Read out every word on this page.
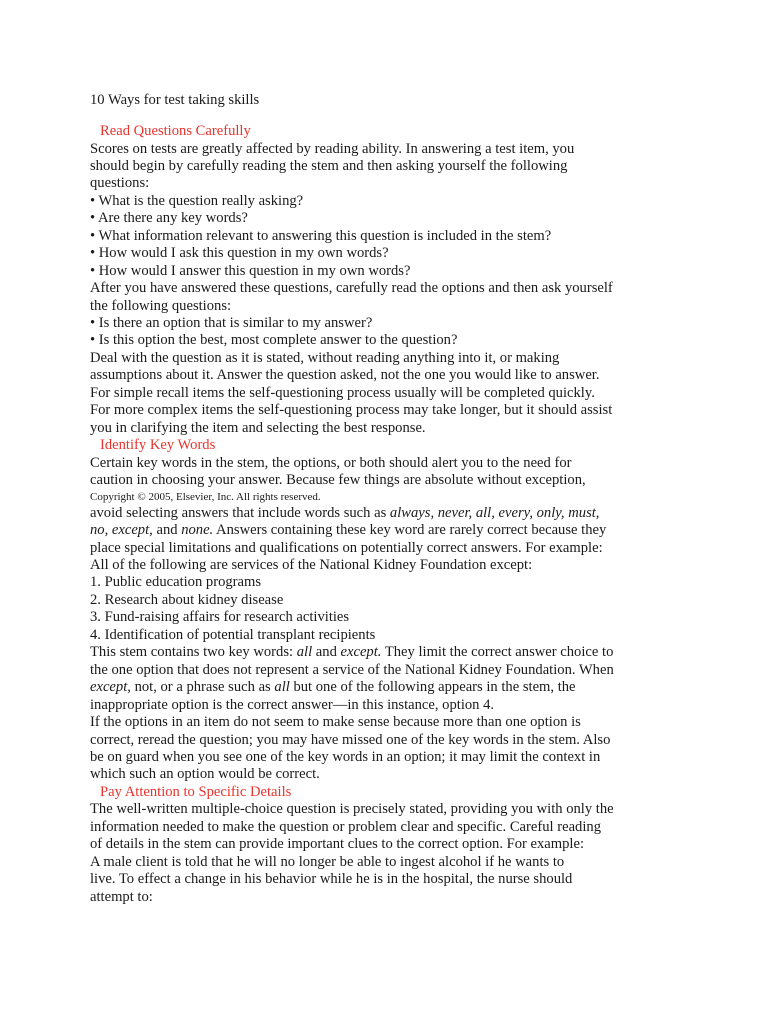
10 Ways for test taking skills
Read Questions Carefully

Scores on tests are greatly affected by reading ability. In answering a test item, you

should begin by carefully reading the stem and then asking yourself the following

questions:

• What is the question really asking?

• Are there any key words?

• What information relevant to answering this question is included in the stem?

• How would I ask this question in my own words?

• How would I answer this question in my own words?

After you have answered these questions, carefully read the options and then ask yourself

the following questions:

• Is there an option that is similar to my answer?

• Is this option the best, most complete answer to the question?

Deal with the question as it is stated, without reading anything into it, or making

assumptions about it. Answer the question asked, not the one you would like to answer.

For simple recall items the self-questioning process usually will be completed quickly.

For more complex items the self-questioning process may take longer, but it should assist

you in clarifying the item and selecting the best response.

Identify Key Words

Certain key words in the stem, the options, or both should alert you to the need for

caution in choosing your answer. Because few things are absolute without exception,

Copyright © 2005, Elsevier, Inc. All rights reserved.

avoid selecting answers that include words such as always, never, all, every, only, must,

no, except, and none. Answers containing these key word are rarely correct because they

place special limitations and qualifications on potentially correct answers. For example:

All of the following are services of the National Kidney Foundation except:

1. Public education programs

2. Research about kidney disease

3. Fund-raising affairs for research activities

4. Identification of potential transplant recipients

This stem contains two key words: all and except. They limit the correct answer choice to

the one option that does not represent a service of the National Kidney Foundation. When

except, not, or a phrase such as all but one of the following appears in the stem, the

inappropriate option is the correct answer—in this instance, option 4.

If the options in an item do not seem to make sense because more than one option is

correct, reread the question; you may have missed one of the key words in the stem. Also

be on guard when you see one of the key words in an option; it may limit the context in

which such an option would be correct.

Pay Attention to Specific Details

The well-written multiple-choice question is precisely stated, providing you with only the

information needed to make the question or problem clear and specific. Careful reading

of details in the stem can provide important clues to the correct option. For example:

A male client is told that he will no longer be able to ingest alcohol if he wants to

live. To effect a change in his behavior while he is in the hospital, the nurse should

attempt to:
